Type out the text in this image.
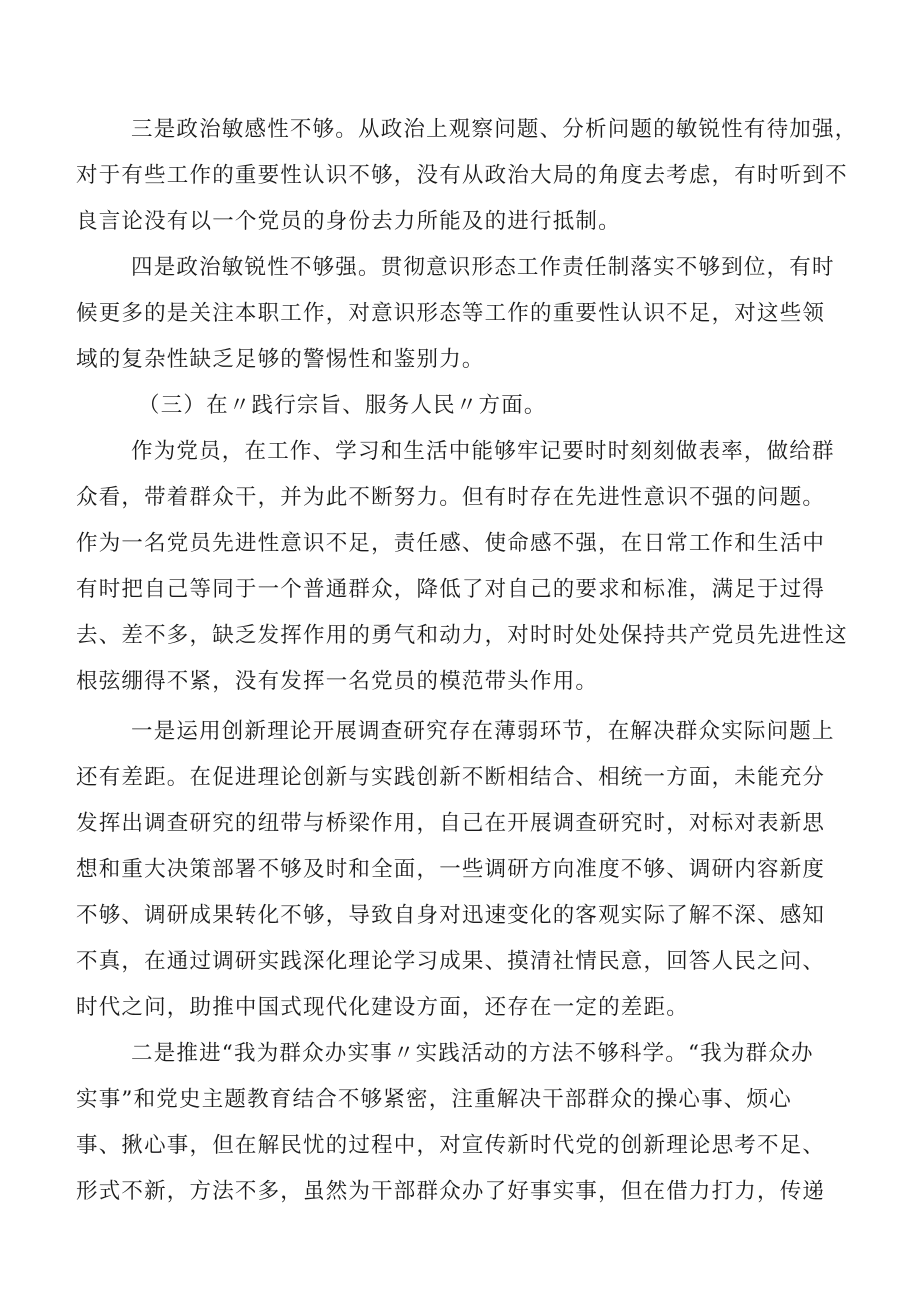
三是政治敏感性不够。从政治上观察问题、分析问题的敏锐性有待加强，
对于有些工作的重要性认识不够，没有从政治大局的角度去考虑，有时听到不
良言论没有以一个党员的身份去力所能及的进行抵制。
四是政治敏锐性不够强。贯彻意识形态工作责任制落实不够到位，有时
候更多的是关注本职工作，对意识形态等工作的重要性认识不足，对这些领
域的复杂性缺乏足够的警惕性和鉴别力。
（三）在〃践行宗旨、服务人民〃方面。
作为党员，在工作、学习和生活中能够牢记要时时刻刻做表率，做给群
众看，带着群众干，并为此不断努力。但有时存在先进性意识不强的问题。
作为一名党员先进性意识不足，责任感、使命感不强，在日常工作和生活中
有时把自己等同于一个普通群众，降低了对自己的要求和标准，满足于过得
去、差不多，缺乏发挥作用的勇气和动力，对时时处处保持共产党员先进性这
根弦绷得不紧，没有发挥一名党员的模范带头作用。
一是运用创新理论开展调查研究存在薄弱环节，在解决群众实际问题上
还有差距。在促进理论创新与实践创新不断相结合、相统一方面，未能充分
发挥出调查研究的纽带与桥梁作用，自己在开展调查研究时，对标对表新思
想和重大决策部署不够及时和全面，一些调研方向准度不够、调研内容新度
不够、调研成果转化不够，导致自身对迅速变化的客观实际了解不深、感知
不真，在通过调研实践深化理论学习成果、摸清社情民意，回答人民之问、
时代之问，助推中国式现代化建设方面，还存在一定的差距。
二是推进“我为群众办实事〃实践活动的方法不够科学。“我为群众办
实事”和党史主题教育结合不够紧密，注重解决干部群众的操心事、烦心
事、揪心事，但在解民忧的过程中，对宣传新时代党的创新理论思考不足、
形式不新，方法不多，虽然为干部群众办了好事实事，但在借力打力，传递
